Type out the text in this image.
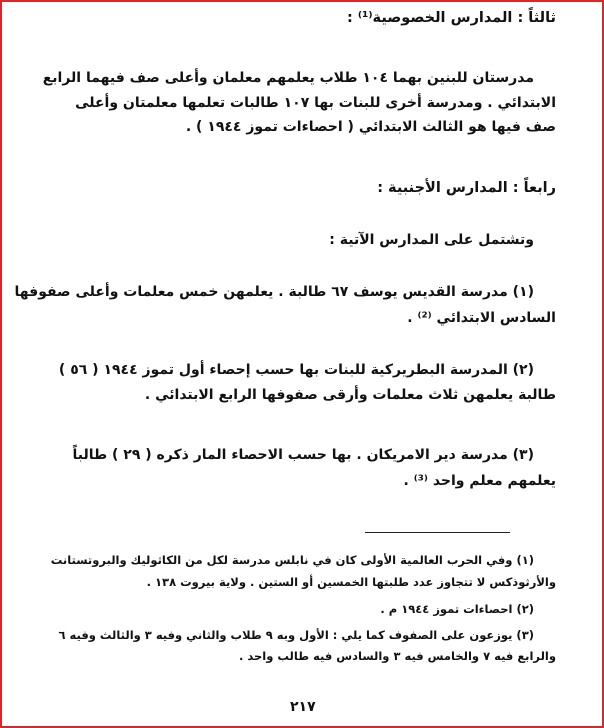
ثالثاً : المدارس الخصوصية⁽¹⁾ :
مدرستان للبنين بهما ١٠٤ طلاب يعلمهم معلمان وأعلى صف فيهما الرابع
الابتدائي . ومدرسة أخرى للبنات بها ١٠٧ طالبات تعلمها معلمتان وأعلى
صف فيها هو الثالث الابتدائي ( احصاءات تموز ١٩٤٤ ) .
رابعاً : المدارس الأجنبية :
وتشتمل على المدارس الآتية :
(١) مدرسة القديس يوسف ٦٧ طالبة . يعلمهن خمس معلمات وأعلى صفوفها
السادس الابتدائي ⁽²⁾ .
(٢) المدرسة البطريركية للبنات بها حسب إحصاء أول تموز ١٩٤٤ ( ٥٦ )
طالبة يعلمهن ثلاث معلمات وأرقى صفوفها الرابع الابتدائي .
(٣) مدرسة دير الامريكان . بها حسب الاحصاء المار ذكره ( ٢٩ ) طالباً
يعلمهم معلم واحد ⁽³⁾ .
(١) وفي الحرب العالمية الأولى كان في نابلس مدرسة لكل من الكاثوليك والبروتستانت
والأرثوذكس لا تتجاوز عدد طلبتها الخمسين أو الستين . ولاية بيروت ١٣٨ .
(٢) احصاءات تموز ١٩٤٤ م .
(٣) يوزعون على الصفوف كما يلي : الأول وبه ٩ طلاب والثاني وفيه ٣ والثالث وفيه ٦
والرابع فيه ٧ والخامس فيه ٣ والسادس فيه طالب واحد .
٢١٧
